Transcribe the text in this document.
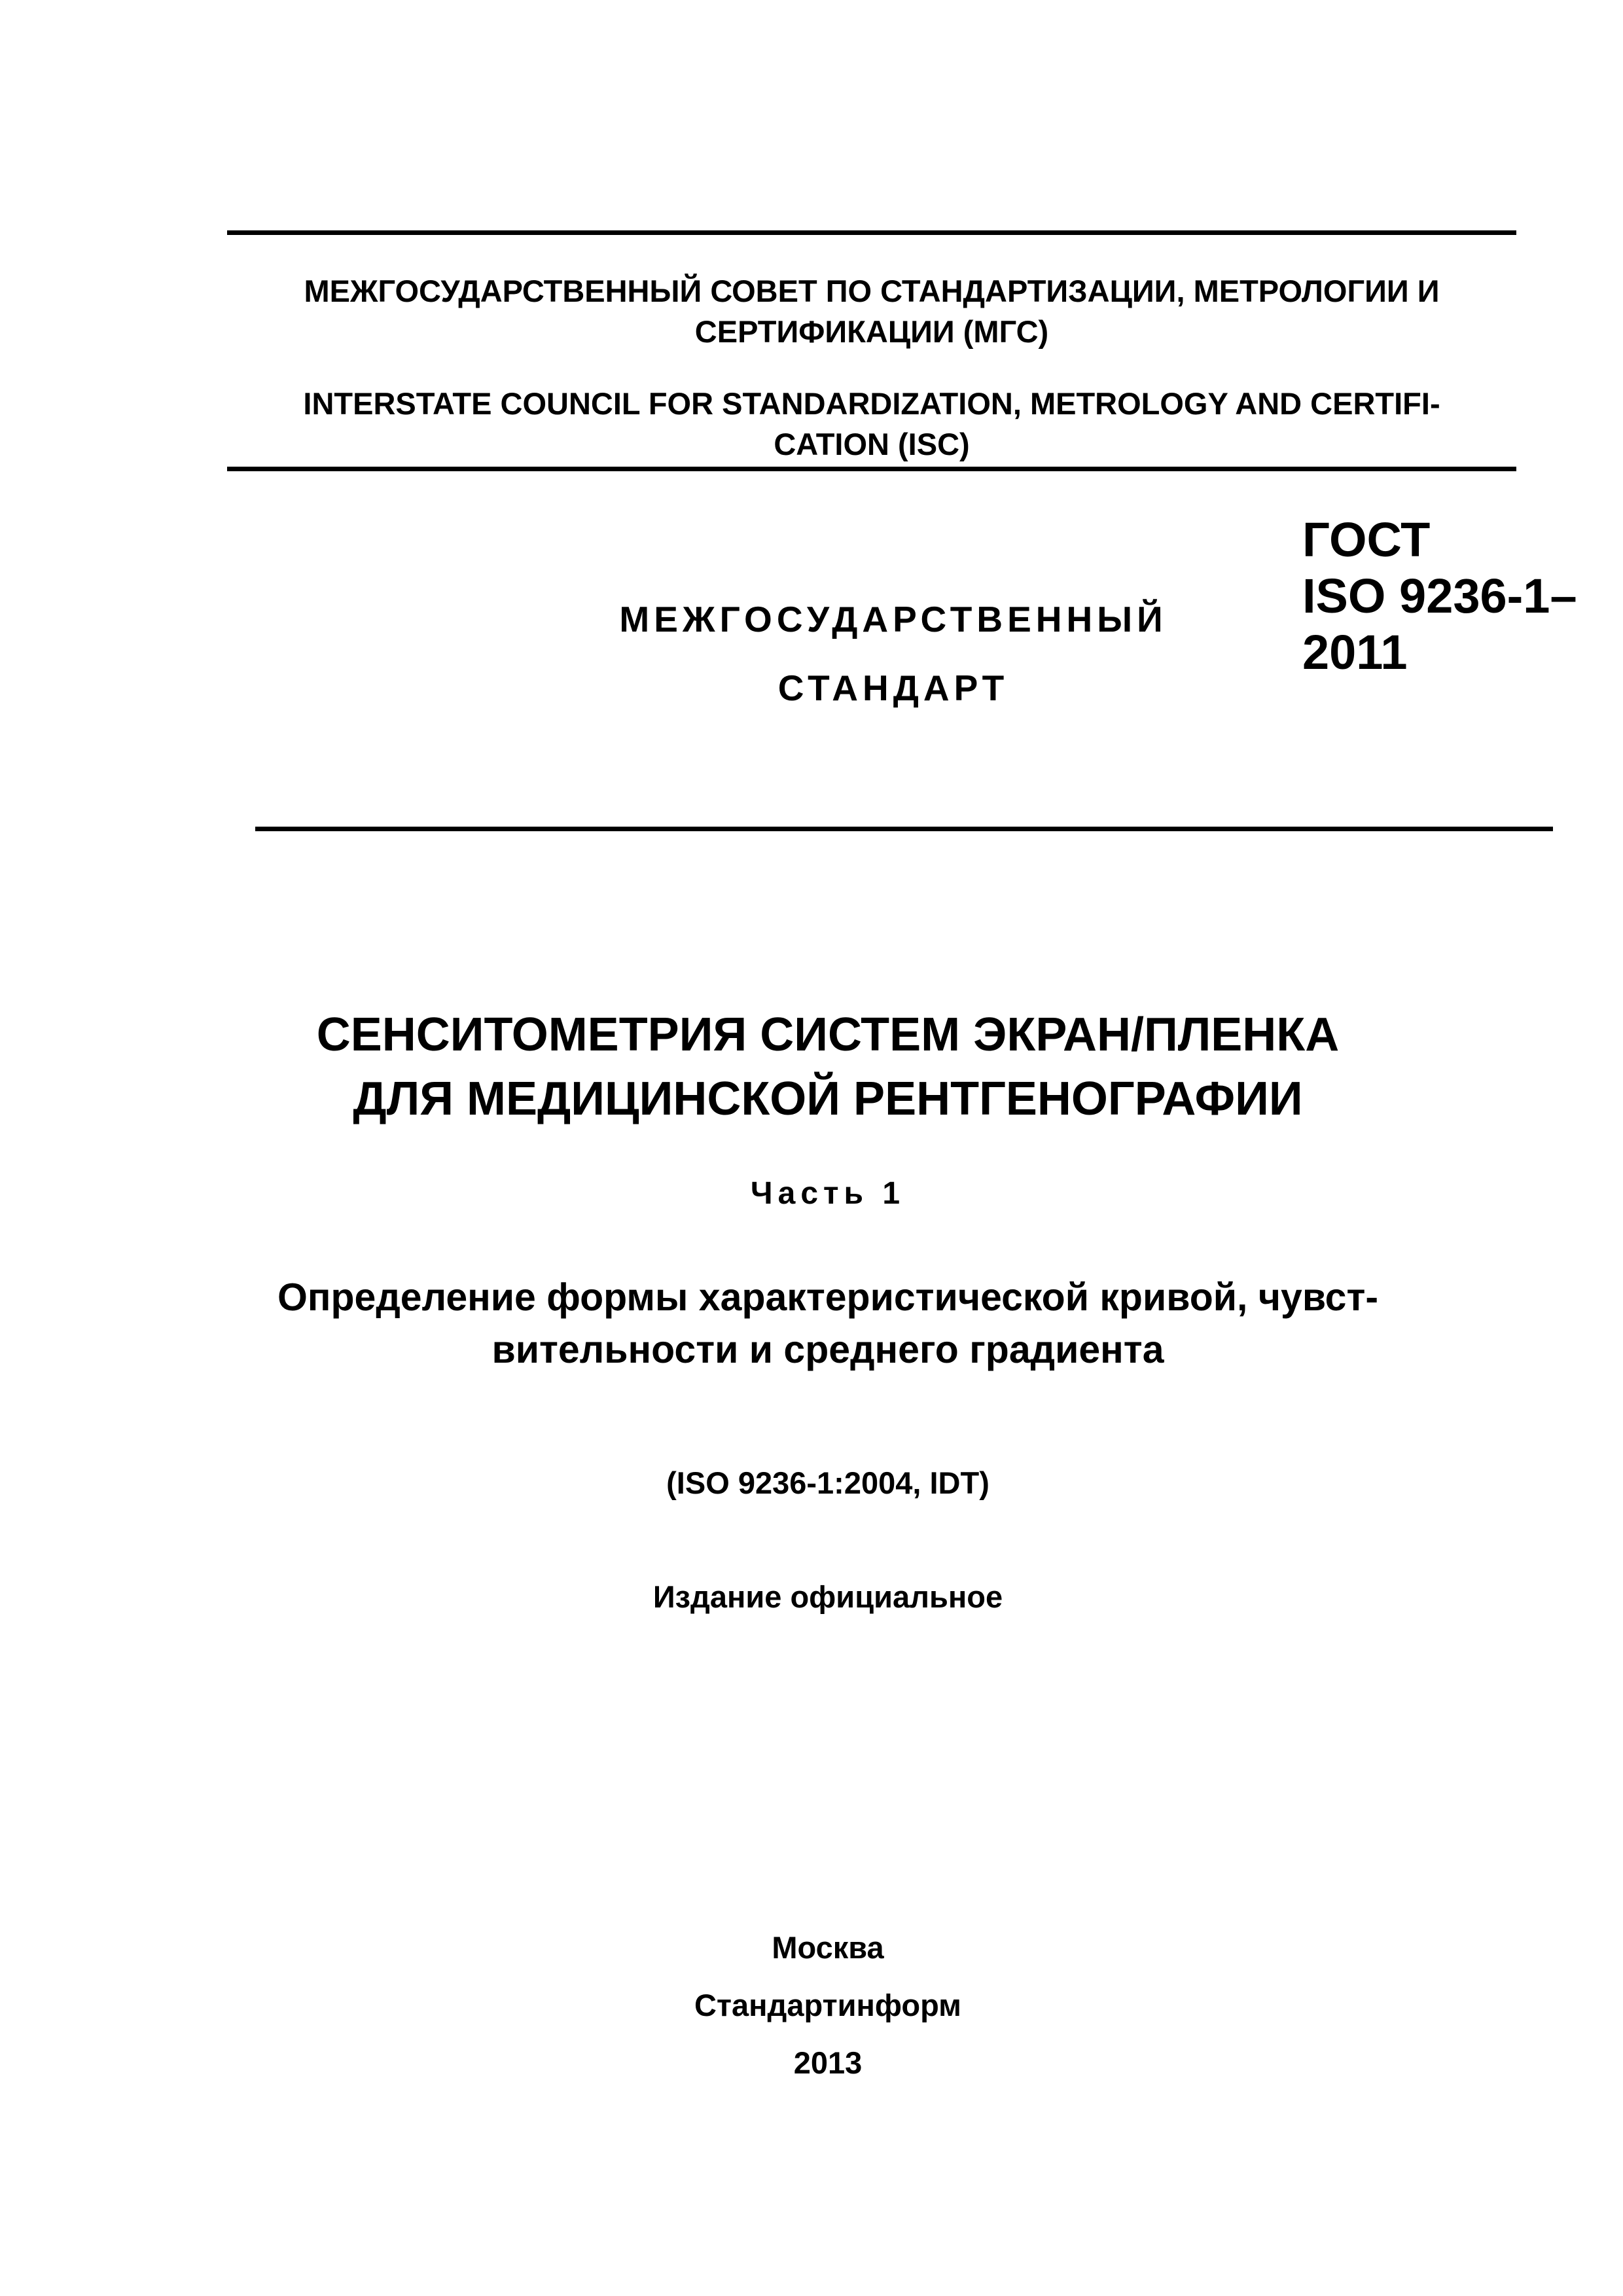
МЕЖГОСУДАРСТВЕННЫЙ СОВЕТ ПО СТАНДАРТИЗАЦИИ, МЕТРОЛОГИИ И
СЕРТИФИКАЦИИ (МГС)
INTERSTATE COUNCIL FOR STANDARDIZATION, METROLOGY AND CERTIFI-
CATION (ISC)
МЕЖГОСУДАРСТВЕННЫЙ
СТАНДАРТ
ГОСТ
ISO 9236-1–
2011
СЕНСИТОМЕТРИЯ СИСТЕМ ЭКРАН/ПЛЕНКА
ДЛЯ МЕДИЦИНСКОЙ РЕНТГЕНОГРАФИИ
Часть 1
Определение формы характеристической кривой, чувст-
вительности и среднего градиента
(ISO 9236-1:2004, IDT)
Издание официальное
Москва
Стандартинформ
2013
